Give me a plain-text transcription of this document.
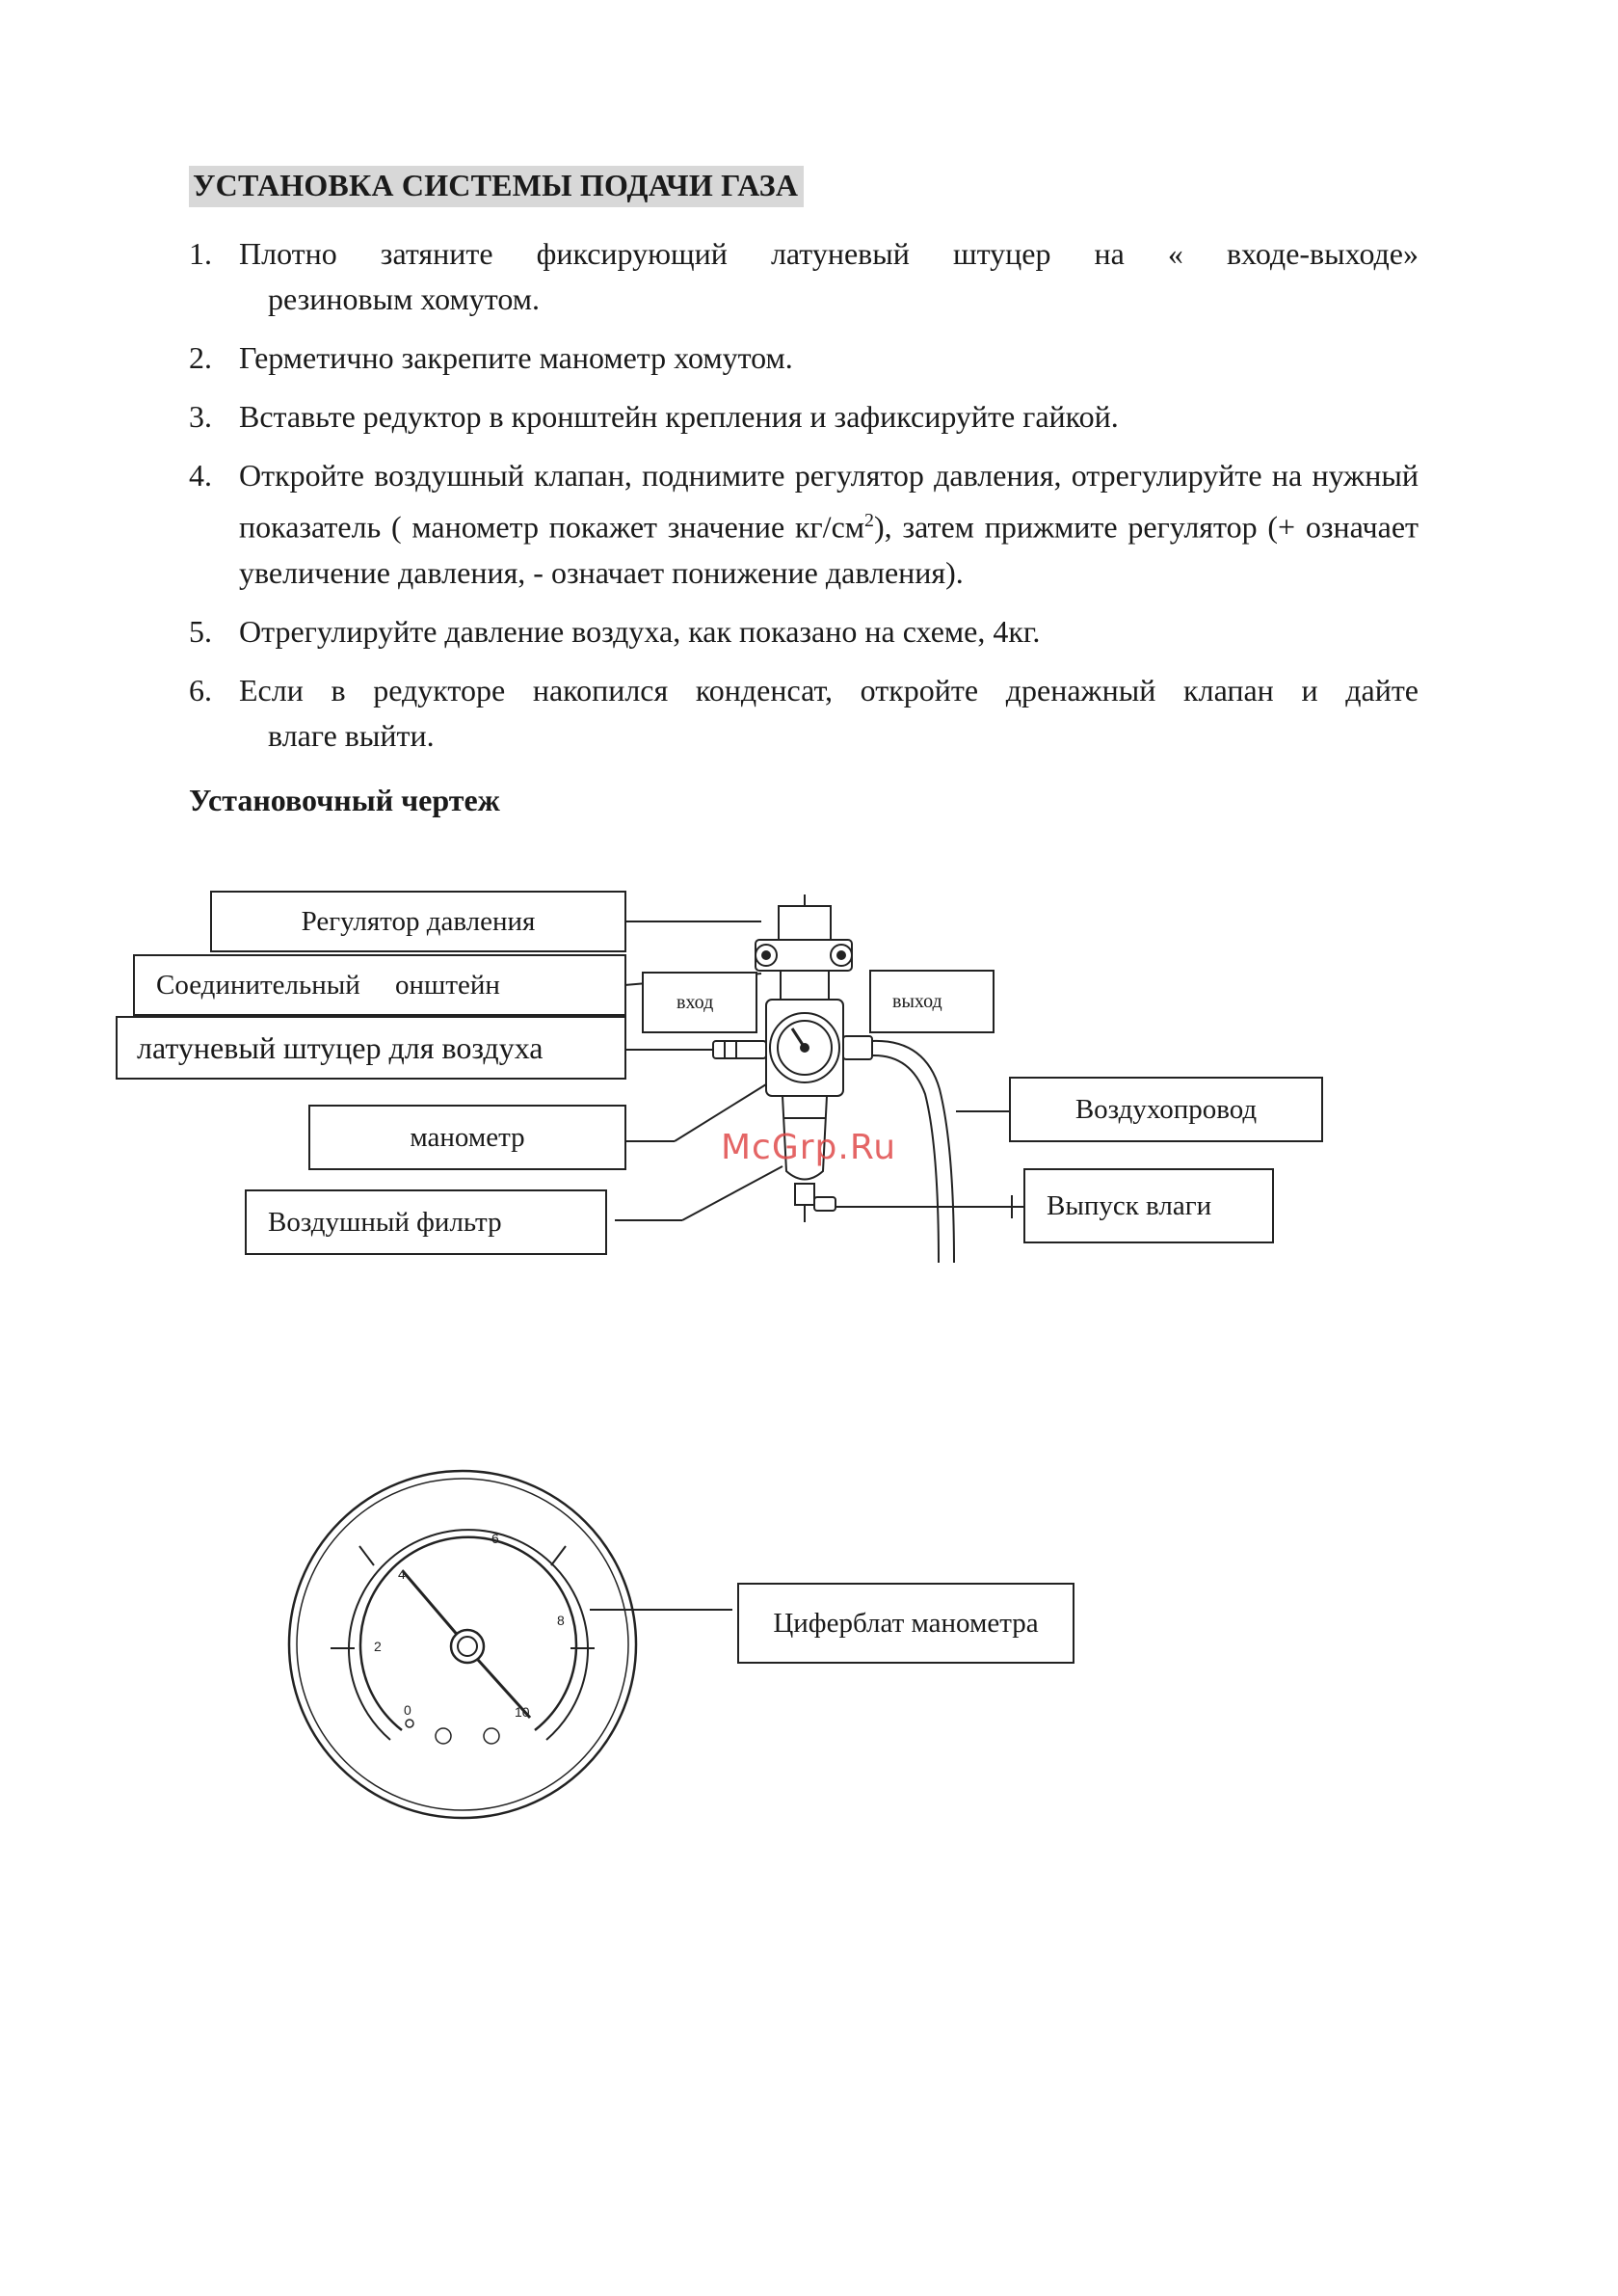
УСТАНОВКА СИСТЕМЫ ПОДАЧИ ГАЗА
1. Плотно затяните фиксирующий латуневый штуцер на « входе-выходе»
резиновым хомутом.
2. Герметично закрепите манометр хомутом.
3. Вставьте редуктор в кронштейн крепления и зафиксируйте гайкой.
4. Откройте воздушный клапан, поднимите регулятор давления, отрегулируйте на нужный показатель ( манометр покажет значение $кг/см^2$), затем прижмите регулятор (+ означает увеличение давления, - означает понижение давления).
5. Отрегулируйте давление воздуха, как показано на схеме, 4кг.
6. Если в редукторе накопился конденсат, откройте дренажный клапан и дайте
влаге выйти.
Установочный чертеж
0
2
4
6
8
10
Регулятор давления
Соединительный     онштейн
латуневый штуцер для воздуха
манометр
Воздушный фильтр
вход	выход
Воздухопровод
Выпуск влаги
Циферблат манометра
McGrp.Ru
